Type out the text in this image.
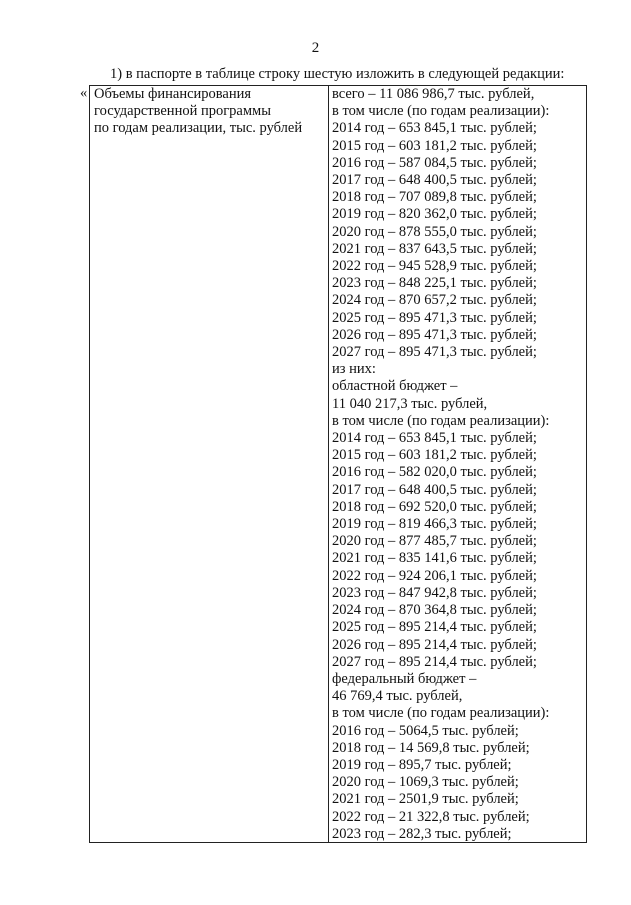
2
1) в паспорте в таблице строку шестую изложить в следующей редакции:
« Объемы финансирования
государственной программы
по годам реализации, тыс. рублей
всего – 11 086 986,7 тыс. рублей,
в том числе (по годам реализации):
2014 год – 653 845,1 тыс. рублей;
2015 год – 603 181,2 тыс. рублей;
2016 год – 587 084,5 тыс. рублей;
2017 год – 648 400,5 тыс. рублей;
2018 год – 707 089,8 тыс. рублей;
2019 год – 820 362,0 тыс. рублей;
2020 год – 878 555,0 тыс. рублей;
2021 год – 837 643,5 тыс. рублей;
2022 год – 945 528,9 тыс. рублей;
2023 год – 848 225,1 тыс. рублей;
2024 год – 870 657,2 тыс. рублей;
2025 год – 895 471,3 тыс. рублей;
2026 год – 895 471,3 тыс. рублей;
2027 год – 895 471,3 тыс. рублей;
из них:
областной бюджет –
11 040 217,3 тыс. рублей,
в том числе (по годам реализации):
2014 год – 653 845,1 тыс. рублей;
2015 год – 603 181,2 тыс. рублей;
2016 год – 582 020,0 тыс. рублей;
2017 год – 648 400,5 тыс. рублей;
2018 год – 692 520,0 тыс. рублей;
2019 год – 819 466,3 тыс. рублей;
2020 год – 877 485,7 тыс. рублей;
2021 год – 835 141,6 тыс. рублей;
2022 год – 924 206,1 тыс. рублей;
2023 год – 847 942,8 тыс. рублей;
2024 год – 870 364,8 тыс. рублей;
2025 год – 895 214,4 тыс. рублей;
2026 год – 895 214,4 тыс. рублей;
2027 год – 895 214,4 тыс. рублей;
федеральный бюджет –
46 769,4 тыс. рублей,
в том числе (по годам реализации):
2016 год – 5064,5 тыс. рублей;
2018 год – 14 569,8 тыс. рублей;
2019 год – 895,7 тыс. рублей;
2020 год – 1069,3 тыс. рублей;
2021 год – 2501,9 тыс. рублей;
2022 год – 21 322,8 тыс. рублей;
2023 год – 282,3 тыс. рублей;
